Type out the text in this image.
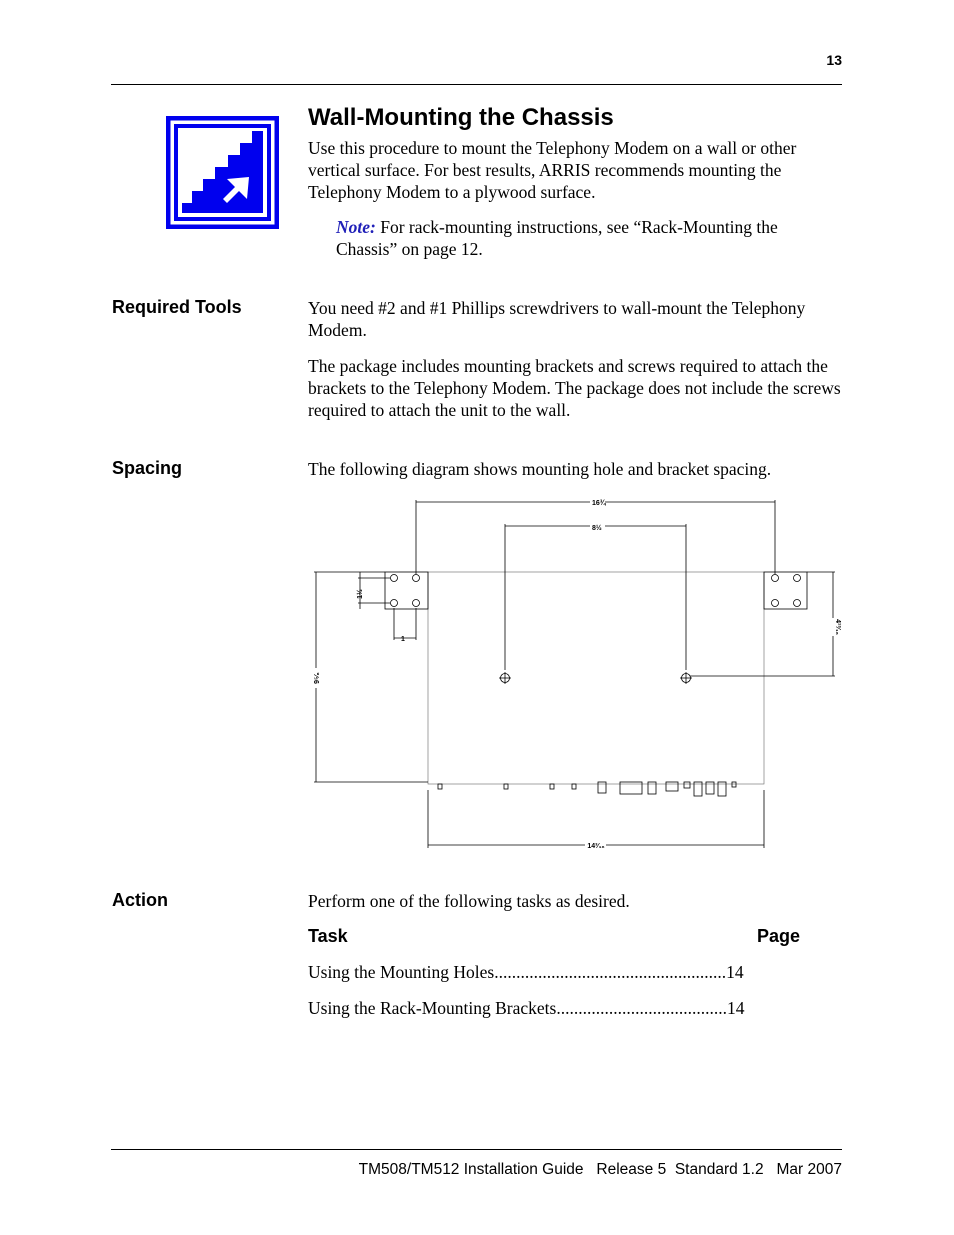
13
Wall-Mounting the Chassis
Use this procedure to mount the Telephony Modem on a wall or other vertical surface. For best results, ARRIS recommends mounting the Telephony Modem to a plywood surface.
Note: For rack-mounting instructions, see “Rack-Mounting the Chassis” on page 12.
Required Tools	You need #2 and #1 Phillips screwdrivers to wall-mount the Telephony Modem.
The package includes mounting brackets and screws required to attach the brackets to the Telephony Modem. The package does not include the screws required to attach the unit to the wall.
Spacing	The following diagram shows mounting hole and bracket spacing.
16¾
8½
1½
1
9⁵⁄₈
4¹³⁄₁₆
14³⁄₁₆
Action	Perform one of the following tasks as desired.
Task	Page
Using the Mounting Holes.....................................................14
Using the Rack-Mounting Brackets.......................................14
TM508/TM512 Installation Guide   Release 5  Standard 1.2   Mar 2007
